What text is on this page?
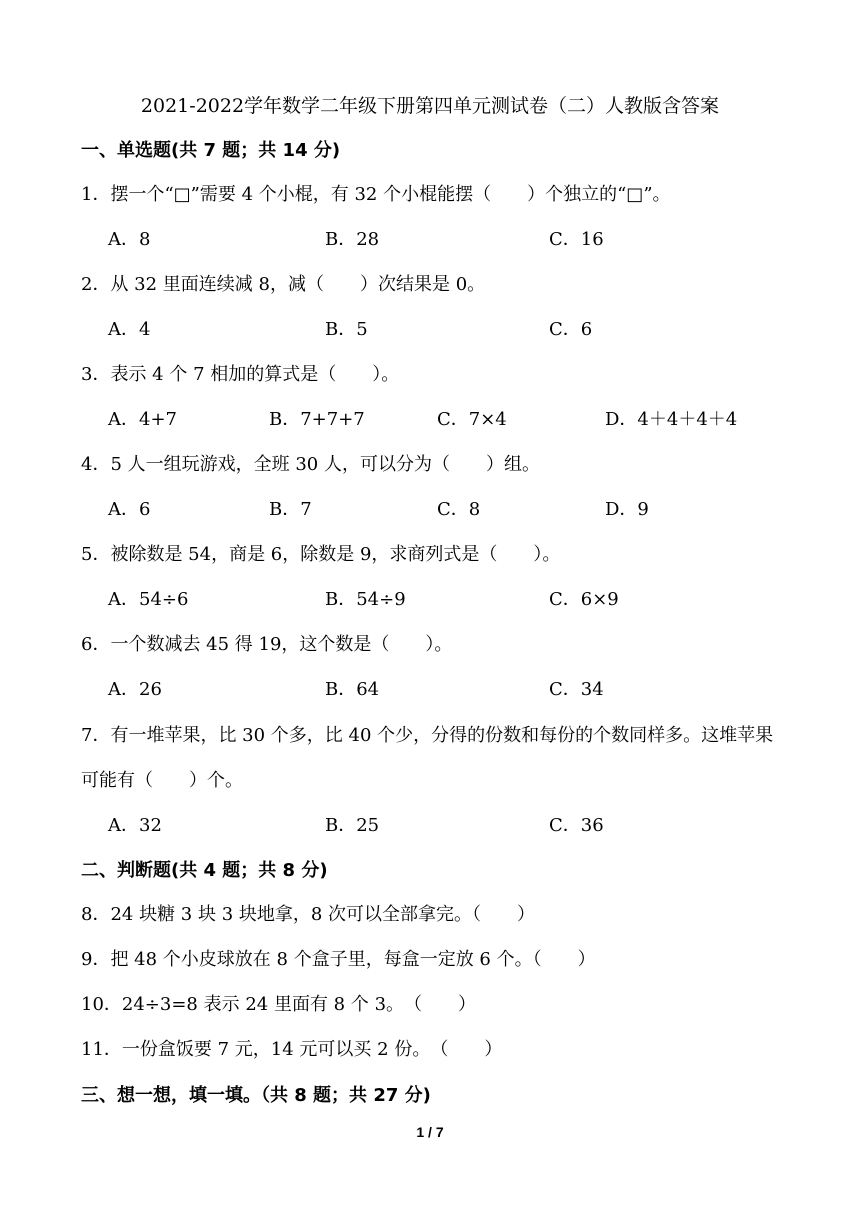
2021-2022学年数学二年级下册第四单元测试卷（二）人教版含答案
一、单选题(共 7 题；共 14 分)
1．摆一个“□”需要 4 个小棍，有 32 个小棍能摆（　　）个独立的“□”。
A．8	B．28	C．16
2．从 32 里面连续减 8，减（　　）次结果是 0。
A．4	B．5	C．6
3．表示 4 个 7 相加的算式是（　　）。
A．4+7	B．7+7+7	C．7×4	D．4＋4＋4＋4
4．5 人一组玩游戏，全班 30 人，可以分为（　　）组。
A．6	B．7	C．8	D．9
5．被除数是 54，商是 6，除数是 9，求商列式是（　　）。
A．54÷6	B．54÷9	C．6×9
6．一个数减去 45 得 19，这个数是（　　）。
A．26	B．64	C．34
7．有一堆苹果，比 30 个多，比 40 个少，分得的份数和每份的个数同样多。这堆苹果可能有（　　）个。
A．32	B．25	C．36
二、判断题(共 4 题；共 8 分)
8．24 块糖 3 块 3 块地拿，8 次可以全部拿完。（　　）
9．把 48 个小皮球放在 8 个盒子里，每盒一定放 6 个。（　　）
10．24÷3=8 表示 24 里面有 8 个 3。　（　　）
11．一份盒饭要 7 元，14 元可以买 2 份。　（　　）
三、想一想，填一填。（共 8 题；共 27 分)
1 / 7
